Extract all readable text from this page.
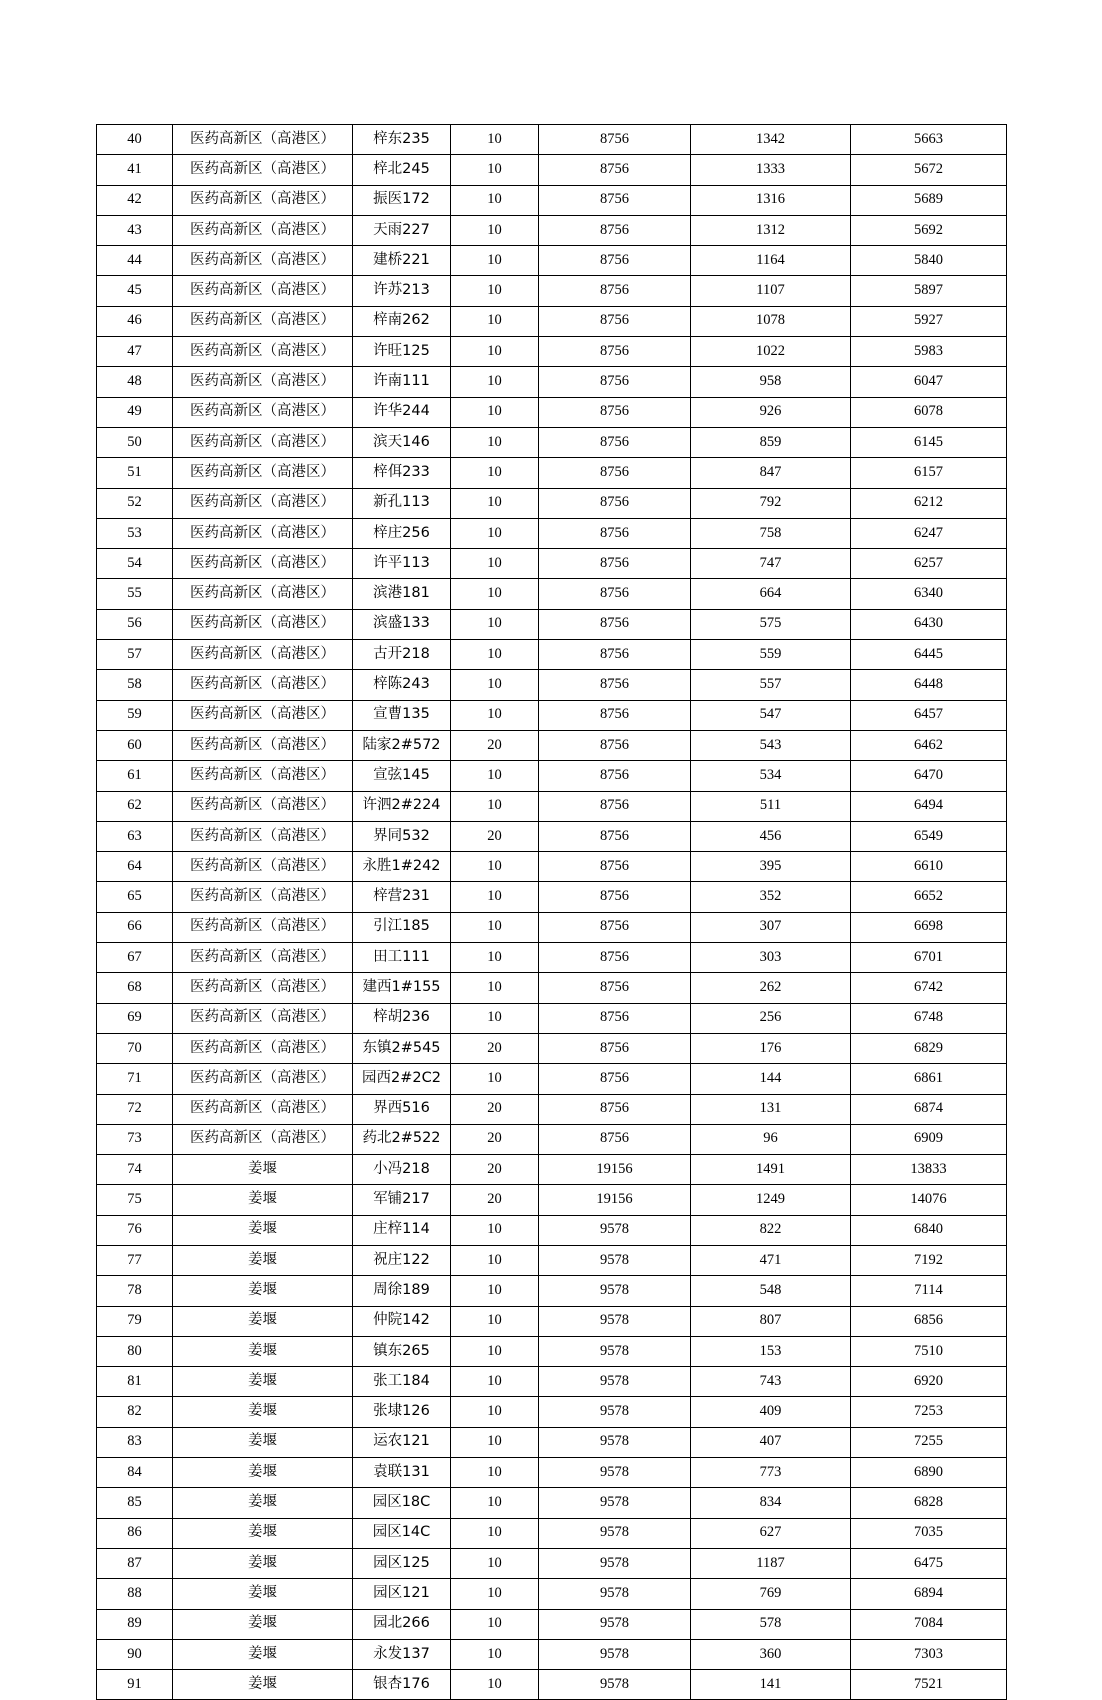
40	医药高新区（高港区）	梓东235	10	8756	1342	5663
41	医药高新区（高港区）	梓北245	10	8756	1333	5672
42	医药高新区（高港区）	振医172	10	8756	1316	5689
43	医药高新区（高港区）	天雨227	10	8756	1312	5692
44	医药高新区（高港区）	建桥221	10	8756	1164	5840
45	医药高新区（高港区）	许苏213	10	8756	1107	5897
46	医药高新区（高港区）	梓南262	10	8756	1078	5927
47	医药高新区（高港区）	许旺125	10	8756	1022	5983
48	医药高新区（高港区）	许南111	10	8756	958	6047
49	医药高新区（高港区）	许华244	10	8756	926	6078
50	医药高新区（高港区）	滨天146	10	8756	859	6145
51	医药高新区（高港区）	梓佴233	10	8756	847	6157
52	医药高新区（高港区）	新孔113	10	8756	792	6212
53	医药高新区（高港区）	梓庄256	10	8756	758	6247
54	医药高新区（高港区）	许平113	10	8756	747	6257
55	医药高新区（高港区）	滨港181	10	8756	664	6340
56	医药高新区（高港区）	滨盛133	10	8756	575	6430
57	医药高新区（高港区）	古开218	10	8756	559	6445
58	医药高新区（高港区）	梓陈243	10	8756	557	6448
59	医药高新区（高港区）	宣曹135	10	8756	547	6457
60	医药高新区（高港区）	陆家2#572	20	8756	543	6462
61	医药高新区（高港区）	宣弦145	10	8756	534	6470
62	医药高新区（高港区）	许泗2#224	10	8756	511	6494
63	医药高新区（高港区）	界同532	20	8756	456	6549
64	医药高新区（高港区）	永胜1#242	10	8756	395	6610
65	医药高新区（高港区）	梓营231	10	8756	352	6652
66	医药高新区（高港区）	引江185	10	8756	307	6698
67	医药高新区（高港区）	田工111	10	8756	303	6701
68	医药高新区（高港区）	建西1#155	10	8756	262	6742
69	医药高新区（高港区）	梓胡236	10	8756	256	6748
70	医药高新区（高港区）	东镇2#545	20	8756	176	6829
71	医药高新区（高港区）	园西2#2C2	10	8756	144	6861
72	医药高新区（高港区）	界西516	20	8756	131	6874
73	医药高新区（高港区）	药北2#522	20	8756	96	6909
74	姜堰	小冯218	20	19156	1491	13833
75	姜堰	军铺217	20	19156	1249	14076
76	姜堰	庄梓114	10	9578	822	6840
77	姜堰	祝庄122	10	9578	471	7192
78	姜堰	周徐189	10	9578	548	7114
79	姜堰	仲院142	10	9578	807	6856
80	姜堰	镇东265	10	9578	153	7510
81	姜堰	张工184	10	9578	743	6920
82	姜堰	张埭126	10	9578	409	7253
83	姜堰	运农121	10	9578	407	7255
84	姜堰	袁联131	10	9578	773	6890
85	姜堰	园区18C	10	9578	834	6828
86	姜堰	园区14C	10	9578	627	7035
87	姜堰	园区125	10	9578	1187	6475
88	姜堰	园区121	10	9578	769	6894
89	姜堰	园北266	10	9578	578	7084
90	姜堰	永发137	10	9578	360	7303
91	姜堰	银杏176	10	9578	141	7521
